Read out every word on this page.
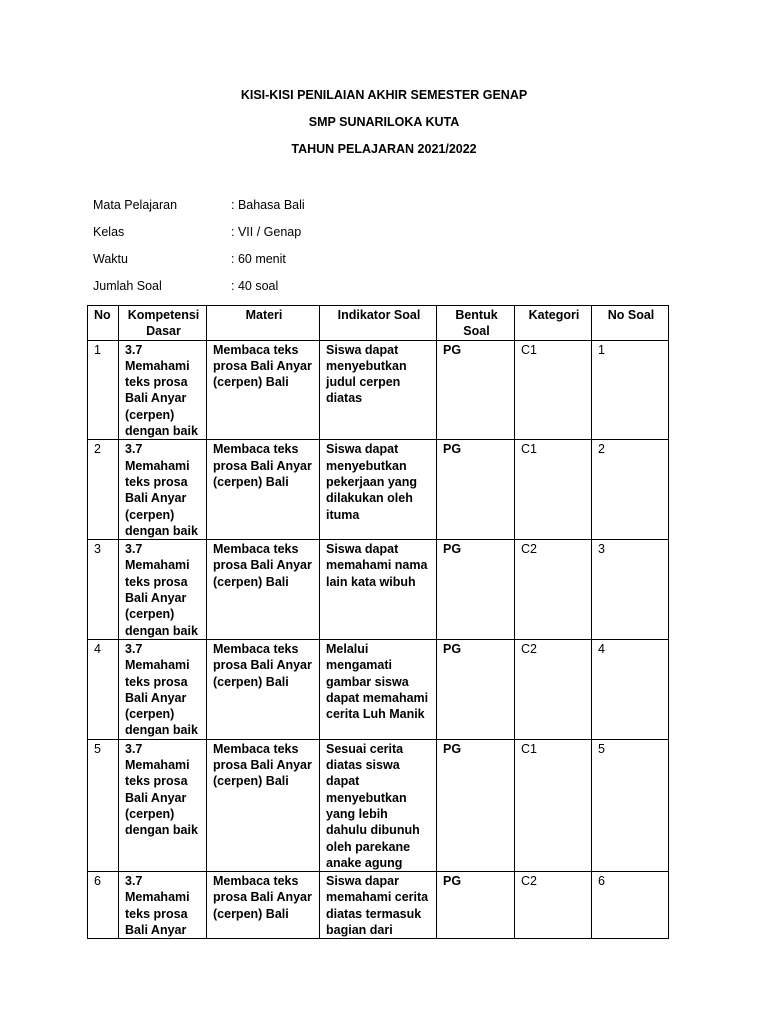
KISI-KISI PENILAIAN AKHIR SEMESTER GENAP
SMP SUNARILOKA KUTA
TAHUN PELAJARAN 2021/2022
Mata Pelajaran	: Bahasa Bali
Kelas	: VII / Genap
Waktu	: 60 menit
Jumlah Soal	: 40 soal
No	Kompetensi Dasar	Materi	Indikator Soal	Bentuk Soal	Kategori	No Soal
1	3.7 Memahami teks prosa Bali Anyar (cerpen) dengan baik	Membaca teks prosa Bali Anyar (cerpen) Bali	Siswa dapat menyebutkan judul cerpen diatas	PG	C1	1
2	3.7 Memahami teks prosa Bali Anyar (cerpen) dengan baik	Membaca teks prosa Bali Anyar (cerpen) Bali	Siswa dapat menyebutkan pekerjaan yang dilakukan oleh ituma	PG	C1	2
3	3.7 Memahami teks prosa Bali Anyar (cerpen) dengan baik	Membaca teks prosa Bali Anyar (cerpen) Bali	Siswa dapat memahami nama lain kata wibuh	PG	C2	3
4	3.7 Memahami teks prosa Bali Anyar (cerpen) dengan baik	Membaca teks prosa Bali Anyar (cerpen) Bali	Melalui mengamati gambar siswa dapat memahami cerita Luh Manik	PG	C2	4
5	3.7 Memahami teks prosa Bali Anyar (cerpen) dengan baik	Membaca teks prosa Bali Anyar (cerpen) Bali	Sesuai cerita diatas siswa dapat menyebutkan yang lebih dahulu dibunuh oleh parekane anake agung	PG	C1	5
6	3.7 Memahami teks prosa Bali Anyar	Membaca teks prosa Bali Anyar (cerpen) Bali	Siswa dapar memahami cerita diatas termasuk bagian dari	PG	C2	6
